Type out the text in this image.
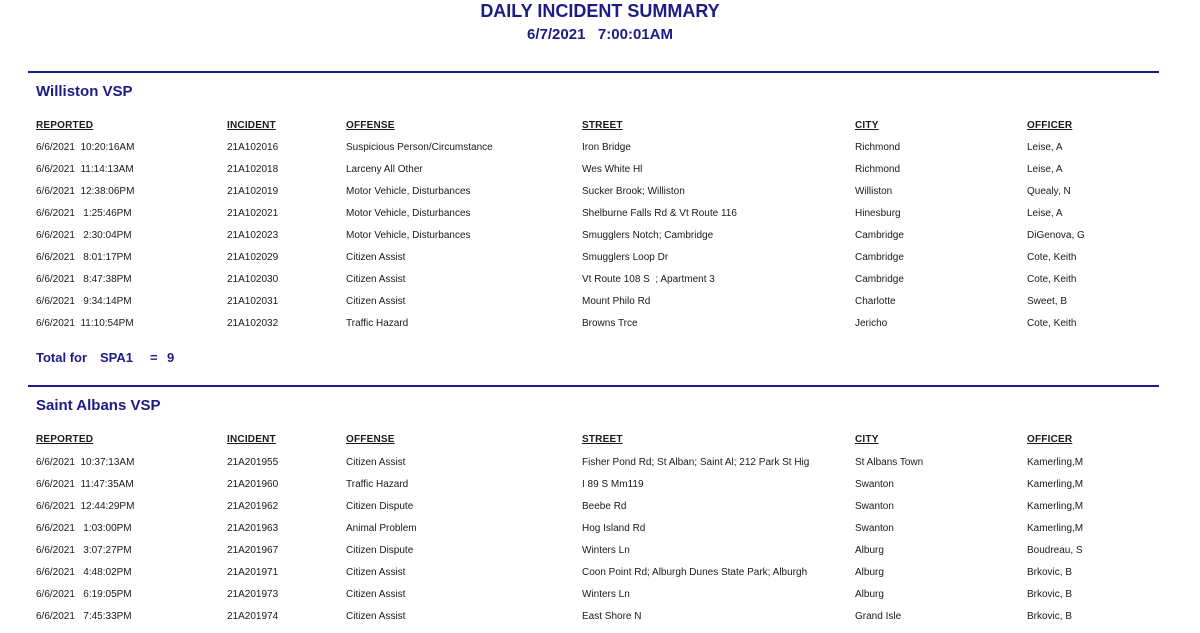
DAILY INCIDENT SUMMARY
6/7/2021   7:00:01AM
Williston VSP
REPORTED	INCIDENT	OFFENSE	STREET	CITY	OFFICER
6/6/2021  10:20:16AM	21A102016	Suspicious Person/Circumstance	Iron Bridge	Richmond	Leise, A
6/6/2021  11:14:13AM	21A102018	Larceny All Other	Wes White Hl	Richmond	Leise, A
6/6/2021  12:38:06PM	21A102019	Motor Vehicle, Disturbances	Sucker Brook; Williston	Williston	Quealy, N
6/6/2021   1:25:46PM	21A102021	Motor Vehicle, Disturbances	Shelburne Falls Rd & Vt Route 116	Hinesburg	Leise, A
6/6/2021   2:30:04PM	21A102023	Motor Vehicle, Disturbances	Smugglers Notch; Cambridge	Cambridge	DiGenova, G
6/6/2021   8:01:17PM	21A102029	Citizen Assist	Smugglers Loop Dr	Cambridge	Cote, Keith
6/6/2021   8:47:38PM	21A102030	Citizen Assist	Vt Route 108 S  ; Apartment 3	Cambridge	Cote, Keith
6/6/2021   9:34:14PM	21A102031	Citizen Assist	Mount Philo Rd	Charlotte	Sweet, B
6/6/2021  11:10:54PM	21A102032	Traffic Hazard	Browns Trce	Jericho	Cote, Keith
Total for SPA1 = 9
Saint Albans VSP
REPORTED	INCIDENT	OFFENSE	STREET	CITY	OFFICER
6/6/2021  10:37:13AM	21A201955	Citizen Assist	Fisher Pond Rd; St Alban; Saint Al; 212 Park St Hig	St Albans Town	Kamerling,M
6/6/2021  11:47:35AM	21A201960	Traffic Hazard	I 89 S Mm119	Swanton	Kamerling,M
6/6/2021  12:44:29PM	21A201962	Citizen Dispute	Beebe Rd	Swanton	Kamerling,M
6/6/2021   1:03:00PM	21A201963	Animal Problem	Hog Island Rd	Swanton	Kamerling,M
6/6/2021   3:07:27PM	21A201967	Citizen Dispute	Winters Ln	Alburg	Boudreau, S
6/6/2021   4:48:02PM	21A201971	Citizen Assist	Coon Point Rd; Alburgh Dunes State Park; Alburgh	Alburg	Brkovic, B
6/6/2021   6:19:05PM	21A201973	Citizen Assist	Winters Ln	Alburg	Brkovic, B
6/6/2021   7:45:33PM	21A201974	Citizen Assist	East Shore N	Grand Isle	Brkovic, B
